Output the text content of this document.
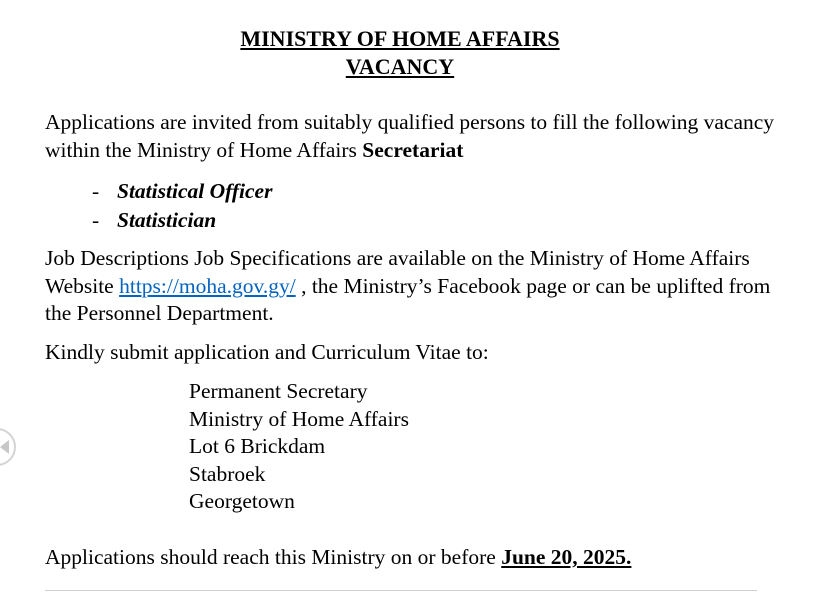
MINISTRY OF HOME AFFAIRS

VACANCY

Applications are invited from suitably qualified persons to fill the following vacancy within the Ministry of Home Affairs Secretariat

- Statistical Officer
- Statistician

Job Descriptions Job Specifications are available on the Ministry of Home Affairs Website https://moha.gov.gy/ , the Ministry’s Facebook page or can be uplifted from the Personnel Department.

Kindly submit application and Curriculum Vitae to:

Permanent Secretary
Ministry of Home Affairs
Lot 6 Brickdam
Stabroek
Georgetown

Applications should reach this Ministry on or before June 20, 2025.
